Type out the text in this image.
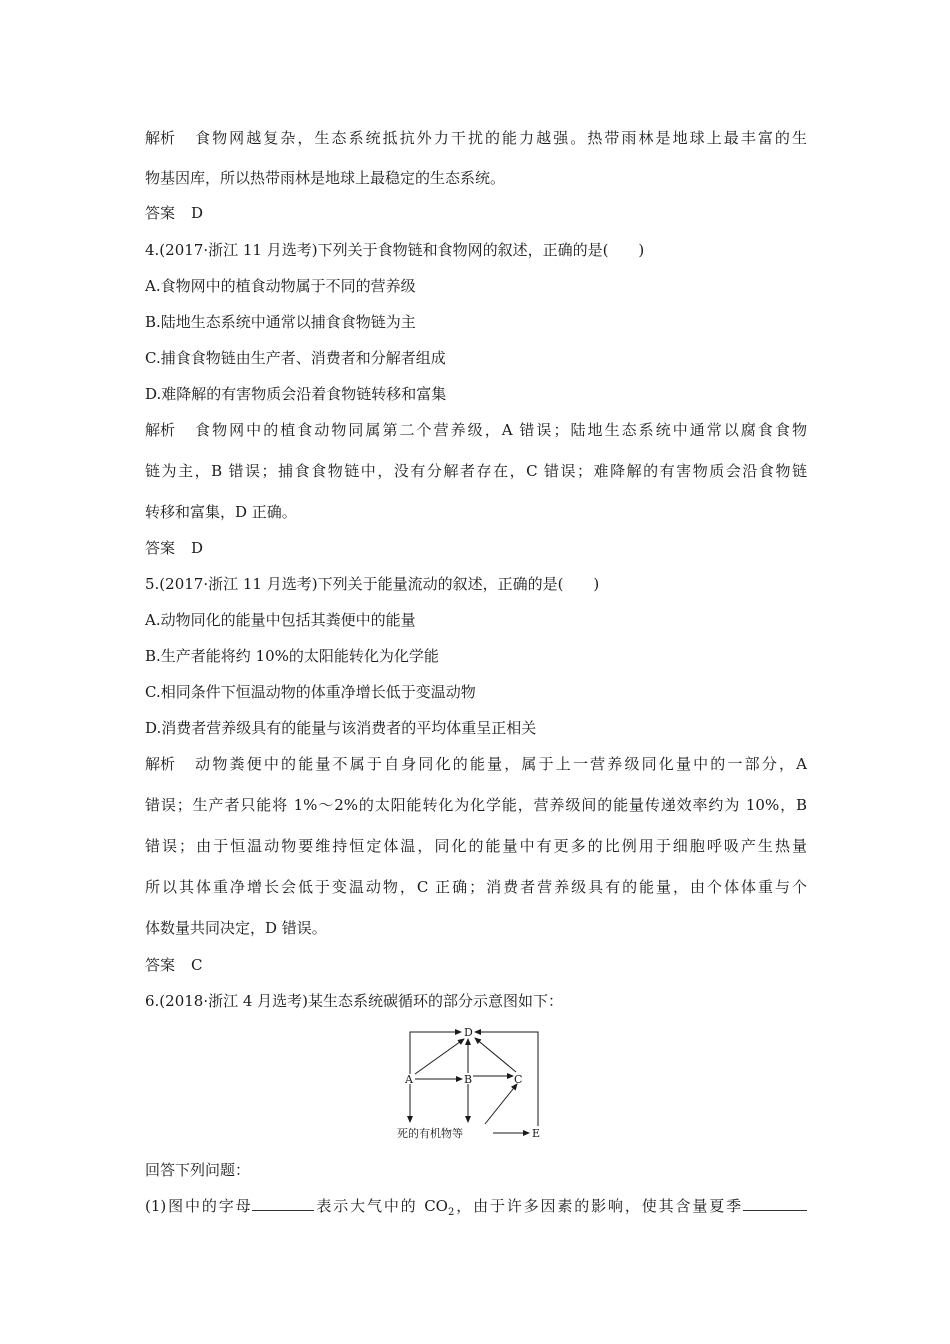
解析 食物网越复杂，生态系统抵抗外力干扰的能力越强。热带雨林是地球上最丰富的生
物基因库，所以热带雨林是地球上最稳定的生态系统。
答案 D
4.(2017·浙江 11 月选考)下列关于食物链和食物网的叙述，正确的是(　　)
A.食物网中的植食动物属于不同的营养级
B.陆地生态系统中通常以捕食食物链为主
C.捕食食物链由生产者、消费者和分解者组成
D.难降解的有害物质会沿着食物链转移和富集
解析 食物网中的植食动物同属第二个营养级，A 错误；陆地生态系统中通常以腐食食物
链为主，B 错误；捕食食物链中，没有分解者存在，C 错误；难降解的有害物质会沿食物链
转移和富集，D 正确。
答案 D
5.(2017·浙江 11 月选考)下列关于能量流动的叙述，正确的是(　　)
A.动物同化的能量中包括其粪便中的能量
B.生产者能将约 10%的太阳能转化为化学能
C.相同条件下恒温动物的体重净增长低于变温动物
D.消费者营养级具有的能量与该消费者的平均体重呈正相关
解析 动物粪便中的能量不属于自身同化的能量，属于上一营养级同化量中的一部分，A
错误；生产者只能将 1%～2%的太阳能转化为化学能，营养级间的能量传递效率约为 10%，B
错误；由于恒温动物要维持恒定体温，同化的能量中有更多的比例用于细胞呼吸产生热量
所以其体重净增长会低于变温动物，C 正确；消费者营养级具有的能量，由个体体重与个
体数量共同决定，D 错误。
答案 C
6.(2018·浙江 4 月选考)某生态系统碳循环的部分示意图如下：
D
A	B	C
E
死的有机物等
回答下列问题：
(1)图中的字母	表示大气中的 $CO_2$，由于许多因素的影响，使其含量夏季
